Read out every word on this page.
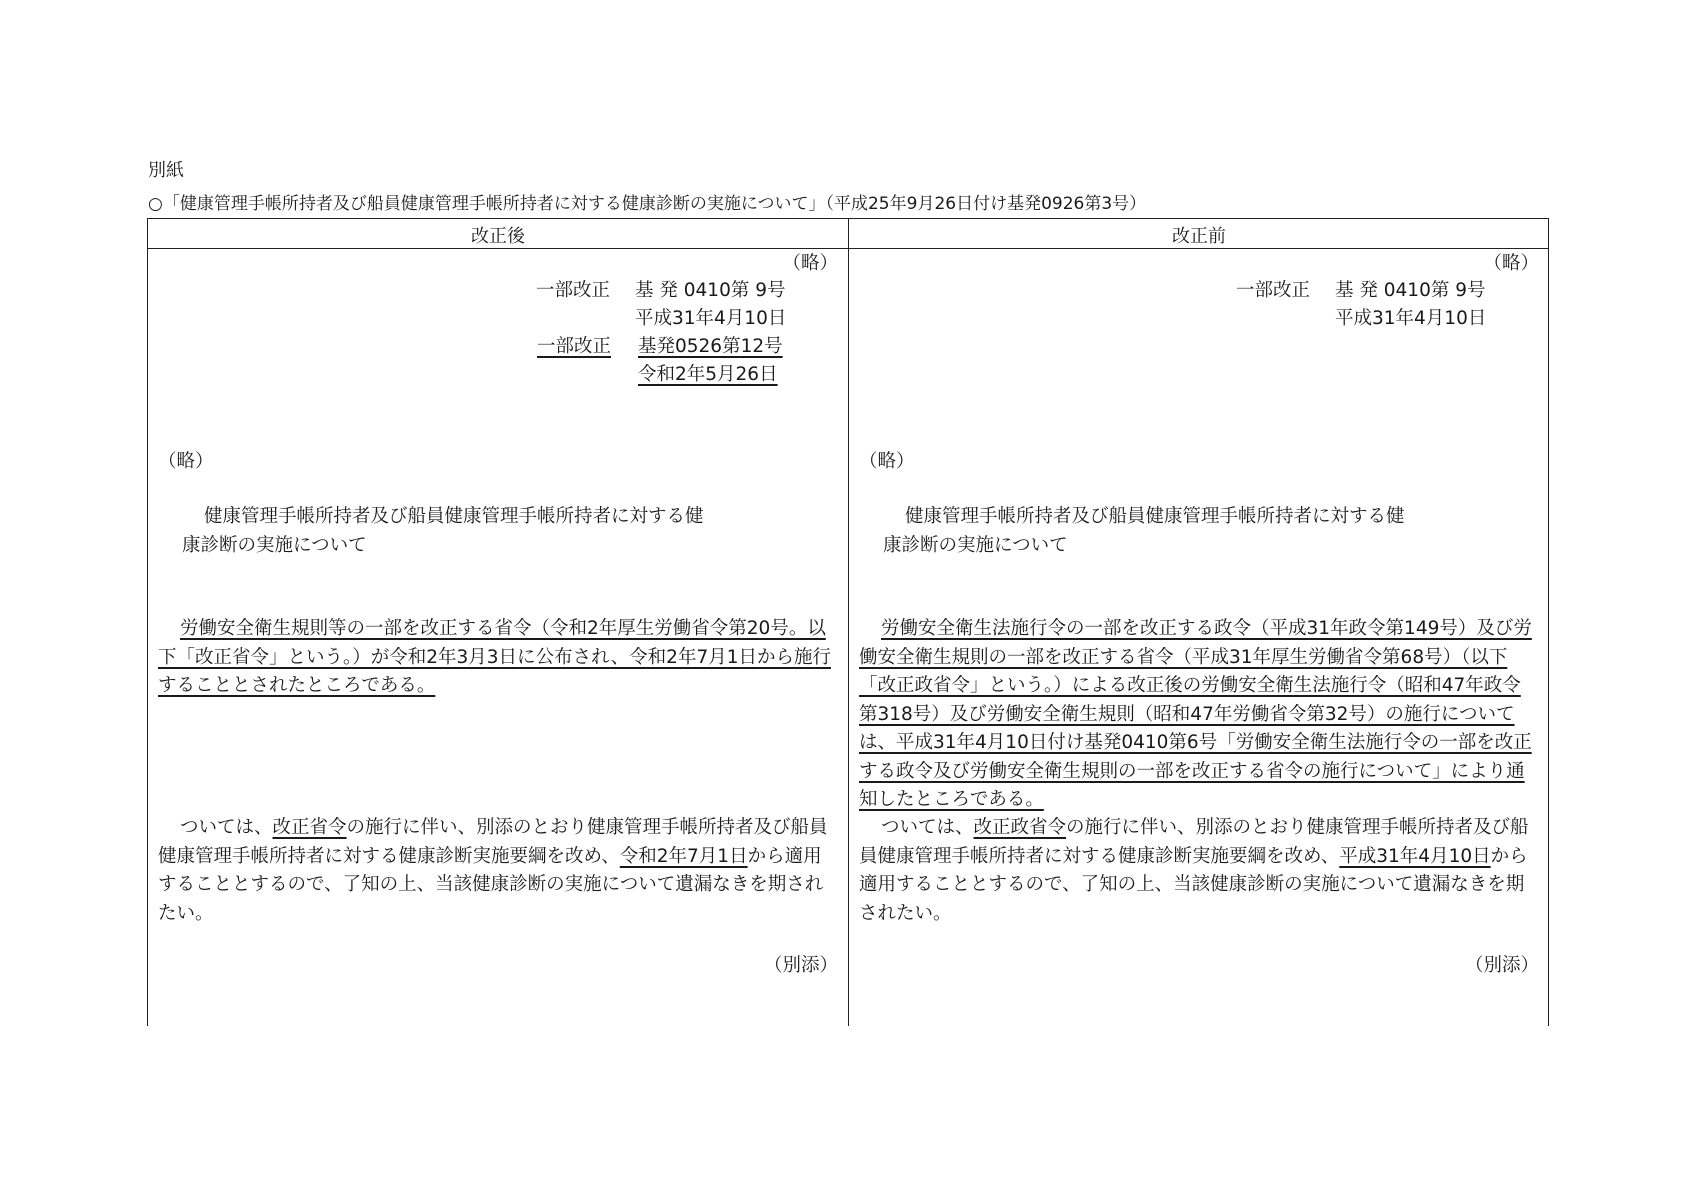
別紙
○「健康管理手帳所持者及び船員健康管理手帳所持者に対する健康診断の実施について」（平成25年9月26日付け基発0926第3号）
改正後	改正前
（略）
一部改正 基 発 0410第 9号
平成31年4月10日
一部改正 基発0526第12号
令和2年5月26日
（略）
健康管理手帳所持者及び船員健康管理手帳所持者に対する健
康診断の実施について
労働安全衛生規則等の一部を改正する省令（令和2年厚生労働省令第20号。以下「改正省令」という。）が令和2年3月3日に公布され、令和2年7月1日から施行することとされたところである。
ついては、改正省令の施行に伴い、別添のとおり健康管理手帳所持者及び船員健康管理手帳所持者に対する健康診断実施要綱を改め、令和2年7月1日から適用することとするので、了知の上、当該健康診断の実施について遺漏なきを期されたい。
（別添）
（略）
一部改正 基 発 0410第 9号
平成31年4月10日
（略）
健康管理手帳所持者及び船員健康管理手帳所持者に対する健
康診断の実施について
労働安全衛生法施行令の一部を改正する政令（平成31年政令第149号）及び労働安全衛生規則の一部を改正する省令（平成31年厚生労働省令第68号）（以下「改正政省令」という。）による改正後の労働安全衛生法施行令（昭和47年政令第318号）及び労働安全衛生規則（昭和47年労働省令第32号）の施行については、平成31年4月10日付け基発0410第6号「労働安全衛生法施行令の一部を改正する政令及び労働安全衛生規則の一部を改正する省令の施行について」により通知したところである。
ついては、改正政省令の施行に伴い、別添のとおり健康管理手帳所持者及び船員健康管理手帳所持者に対する健康診断実施要綱を改め、平成31年4月10日から適用することとするので、了知の上、当該健康診断の実施について遺漏なきを期されたい。
（別添）
